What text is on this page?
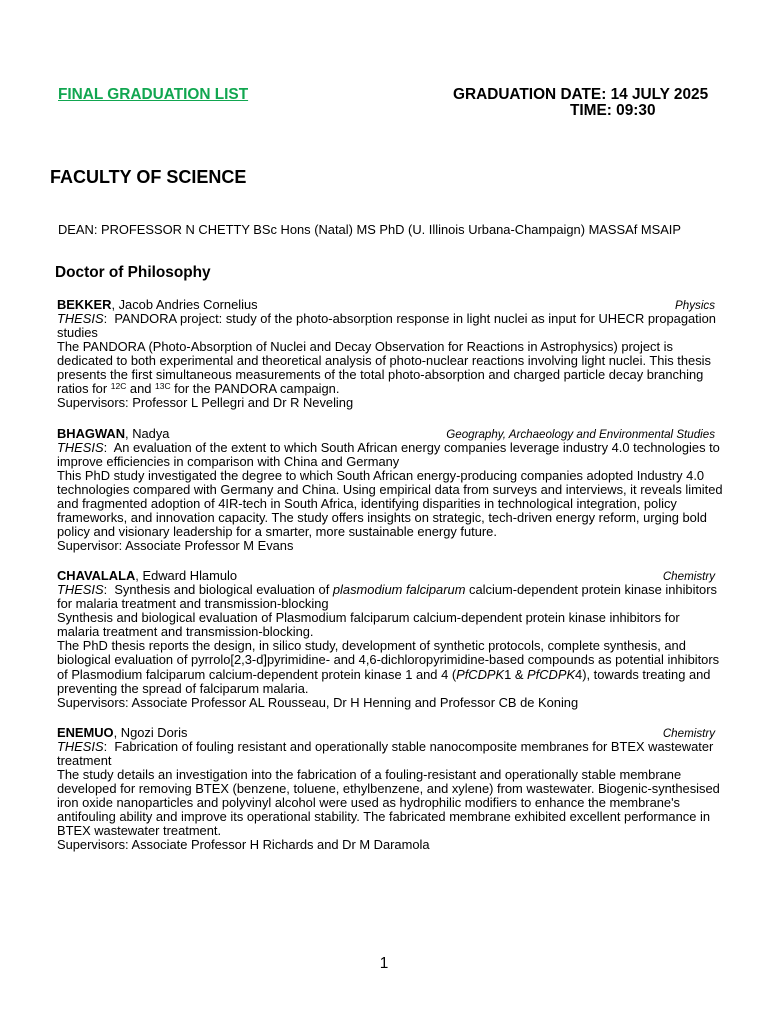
FINAL GRADUATION LIST	GRADUATION DATE: 14 JULY 2025
TIME: 09:30
FACULTY OF SCIENCE
DEAN: PROFESSOR N CHETTY BSc Hons (Natal) MS PhD (U. Illinois Urbana-Champaign) MASSAf MSAIP
Doctor of Philosophy
BEKKER, Jacob Andries Cornelius	Physics
THESIS:  PANDORA project: study of the photo-absorption response in light nuclei as input for UHECR propagation
studies
The PANDORA (Photo-Absorption of Nuclei and Decay Observation for Reactions in Astrophysics) project is
dedicated to both experimental and theoretical analysis of photo-nuclear reactions involving light nuclei. This thesis
presents the first simultaneous measurements of the total photo-absorption and charged particle decay branching
ratios for $^{12C}$ and $^{13C}$ for the PANDORA campaign.
Supervisors: Professor L Pellegri and Dr R Neveling
BHAGWAN, Nadya	Geography, Archaeology and Environmental Studies
THESIS:  An evaluation of the extent to which South African energy companies leverage industry 4.0 technologies to
improve efficiencies in comparison with China and Germany
This PhD study investigated the degree to which South African energy-producing companies adopted Industry 4.0
technologies compared with Germany and China. Using empirical data from surveys and interviews, it reveals limited
and fragmented adoption of 4IR-tech in South Africa, identifying disparities in technological integration, policy
frameworks, and innovation capacity. The study offers insights on strategic, tech-driven energy reform, urging bold
policy and visionary leadership for a smarter, more sustainable energy future.
Supervisor: Associate Professor M Evans
CHAVALALA, Edward Hlamulo	Chemistry
THESIS:  Synthesis and biological evaluation of plasmodium falciparum calcium-dependent protein kinase inhibitors
for malaria treatment and transmission-blocking
Synthesis and biological evaluation of Plasmodium falciparum calcium-dependent protein kinase inhibitors for
malaria treatment and transmission-blocking.
The PhD thesis reports the design, in silico study, development of synthetic protocols, complete synthesis, and
biological evaluation of pyrrolo[2,3-d]pyrimidine- and 4,6-dichloropyrimidine-based compounds as potential inhibitors
of Plasmodium falciparum calcium-dependent protein kinase 1 and 4 (PfCDPK1 & PfCDPK4), towards treating and
preventing the spread of falciparum malaria.
Supervisors: Associate Professor AL Rousseau, Dr H Henning and Professor CB de Koning
ENEMUO, Ngozi Doris	Chemistry
THESIS:  Fabrication of fouling resistant and operationally stable nanocomposite membranes for BTEX wastewater
treatment
The study details an investigation into the fabrication of a fouling-resistant and operationally stable membrane
developed for removing BTEX (benzene, toluene, ethylbenzene, and xylene) from wastewater. Biogenic-synthesised
iron oxide nanoparticles and polyvinyl alcohol were used as hydrophilic modifiers to enhance the membrane's
antifouling ability and improve its operational stability. The fabricated membrane exhibited excellent performance in
BTEX wastewater treatment.
Supervisors: Associate Professor H Richards and Dr M Daramola
1
